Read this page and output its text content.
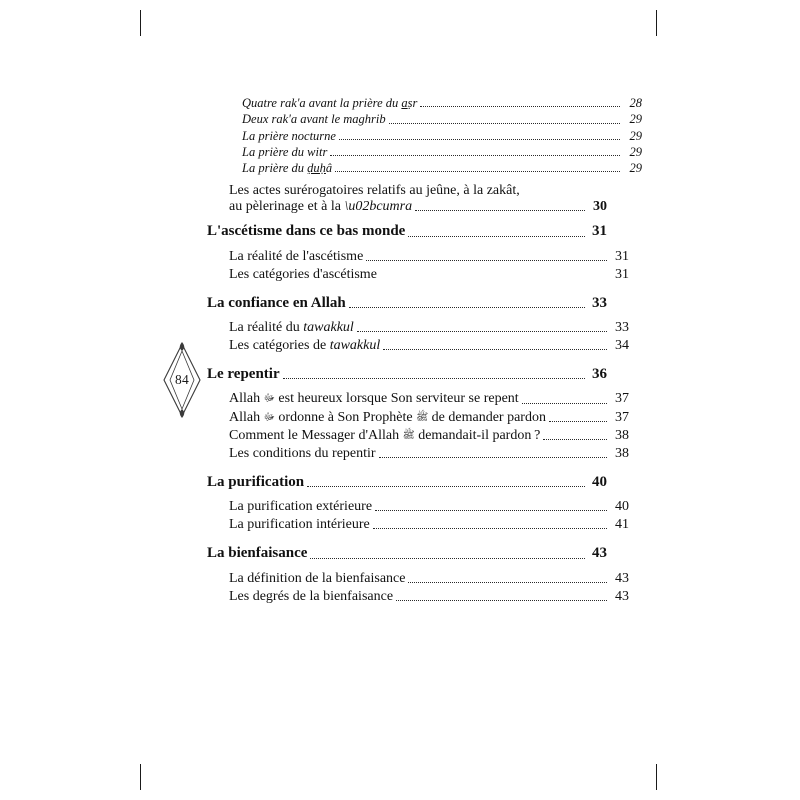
84
Quatre rak'a avant la prière du aṣr	28
Deux rak'a avant le maghrib	29
La prière nocturne	29
La prière du witr	29
La prière du ḍuḥâ	29
Les actes surérogatoires relatifs au jeûne, à la zakât,
au pèlerinage et à la \u02bcumra	30
L'ascétisme dans ce bas monde	31
La réalité de l'ascétisme	31
Les catégories d'ascétisme	31
La confiance en Allah	33
La réalité du tawakkul	33
Les catégories de tawakkul	34
Le repentir	36
Allah ﷻ est heureux lorsque Son serviteur se repent	37
Allah ﷻ ordonne à Son Prophète ﷺ de demander pardon	37
Comment le Messager d'Allah ﷺ demandait-il pardon ?	38
Les conditions du repentir	38
La purification	40
La purification extérieure	40
La purification intérieure	41
La bienfaisance	43
La définition de la bienfaisance	43
Les degrés de la bienfaisance	43
